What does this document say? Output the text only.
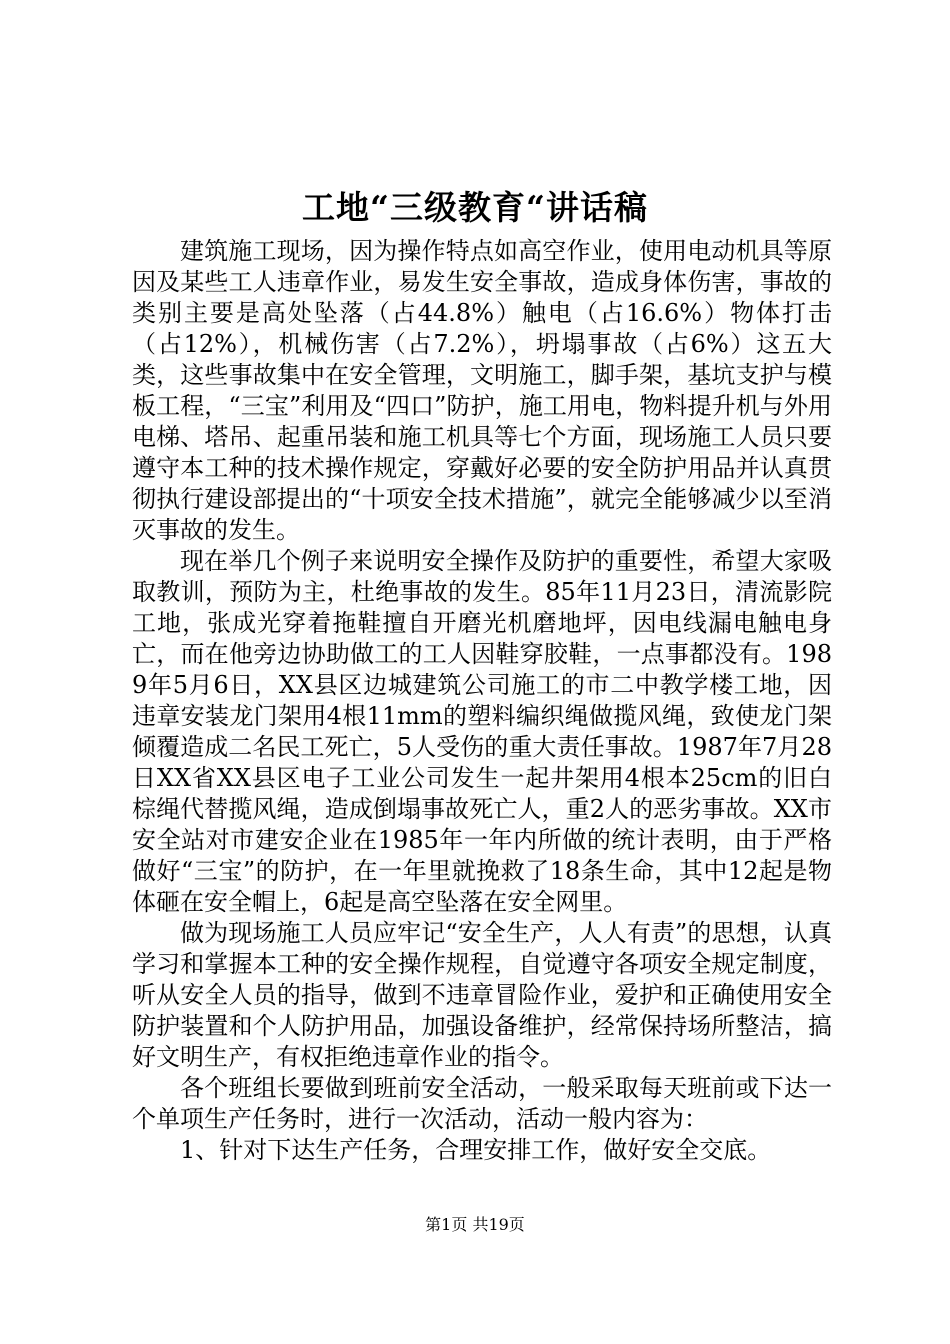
工地“三级教育“讲话稿

建筑施工现场，因为操作特点如高空作业，使用电动机具等原因及某些工人违章作业，易发生安全事故，造成身体伤害，事故的类别主要是高处坠落（占44.8%）触电（占16.6%）物体打击（占12%），机械伤害（占7.2%），坍塌事故（占6%）这五大类，这些事故集中在安全管理，文明施工，脚手架，基坑支护与模板工程，“三宝”利用及“四口”防护，施工用电，物料提升机与外用电梯、塔吊、起重吊装和施工机具等七个方面，现场施工人员只要遵守本工种的技术操作规定，穿戴好必要的安全防护用品并认真贯彻执行建设部提出的“十项安全技术措施”，就完全能够减少以至消灭事故的发生。

现在举几个例子来说明安全操作及防护的重要性，希望大家吸取教训，预防为主，杜绝事故的发生。85年11月23日，清流影院工地，张成光穿着拖鞋擅自开磨光机磨地坪，因电线漏电触电身亡，而在他旁边协助做工的工人因鞋穿胶鞋，一点事都没有。1989年5月6日，XX县区边城建筑公司施工的市二中教学楼工地，因违章安装龙门架用4根11mm的塑料编织绳做揽风绳，致使龙门架倾覆造成二名民工死亡，5人受伤的重大责任事故。1987年7月28日XX省XX县区电子工业公司发生一起井架用4根本25cm的旧白棕绳代替揽风绳，造成倒塌事故死亡人，重2人的恶劣事故。XX市安全站对市建安企业在1985年一年内所做的统计表明，由于严格做好“三宝”的防护，在一年里就挽救了18条生命，其中12起是物体砸在安全帽上，6起是高空坠落在安全网里。

做为现场施工人员应牢记“安全生产，人人有责”的思想，认真学习和掌握本工种的安全操作规程，自觉遵守各项安全规定制度，听从安全人员的指导，做到不违章冒险作业，爱护和正确使用安全防护装置和个人防护用品，加强设备维护，经常保持场所整洁，搞好文明生产，有权拒绝违章作业的指令。

各个班组长要做到班前安全活动，一般采取每天班前或下达一个单项生产任务时，进行一次活动，活动一般内容为：

1、针对下达生产任务，合理安排工作，做好安全交底。

第1页 共19页
